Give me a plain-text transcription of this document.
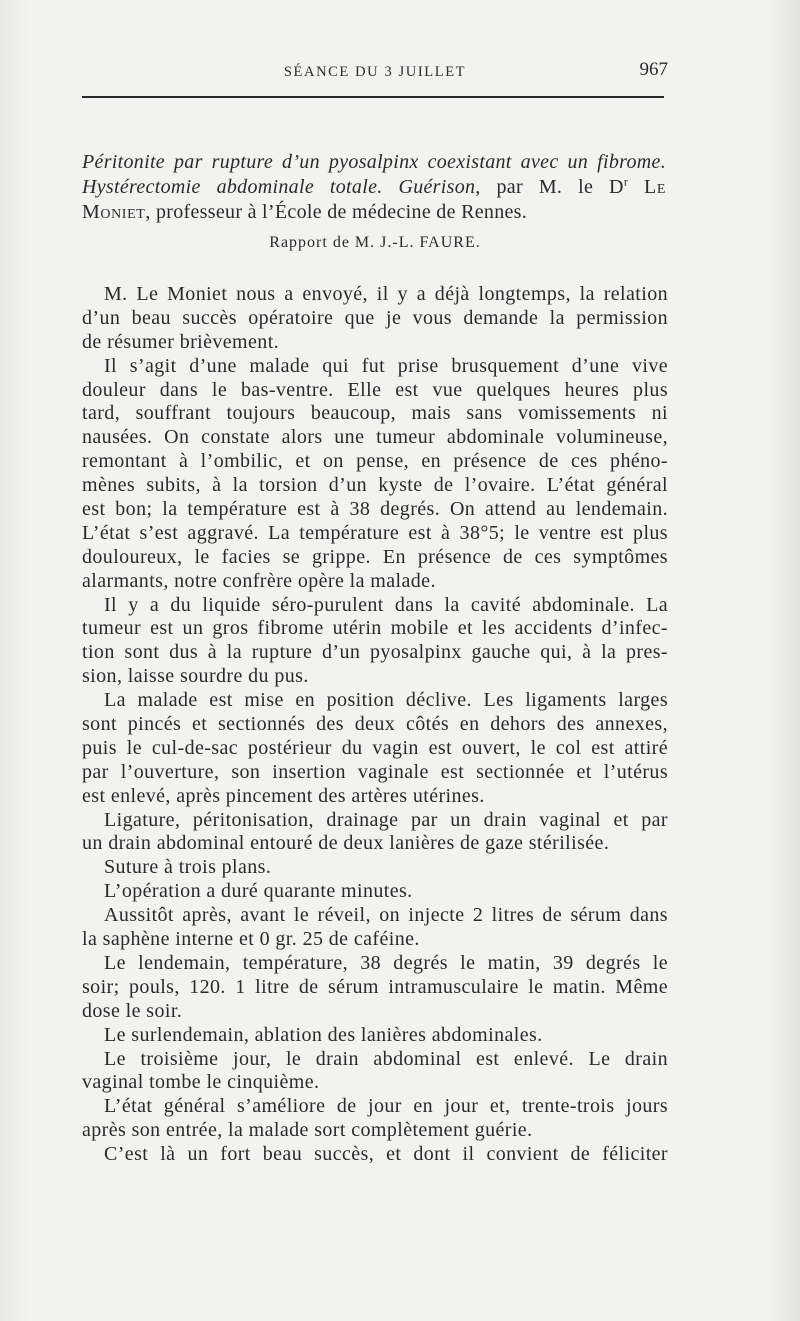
SÉANCE DU 3 JUILLET	967
Péritonite par rupture d’un pyosalpinx coexistant avec un fibrome.
Hystérectomie abdominale totale. Guérison, par M. le $D^r$ Le
Moniet, professeur à l’École de médecine de Rennes.
Rapport de M. J.-L. FAURE.
M. Le Moniet nous a envoyé, il y a déjà longtemps, la relation
d’un beau succès opératoire que je vous demande la permission
de résumer brièvement.
Il s’agit d’une malade qui fut prise brusquement d’une vive
douleur dans le bas-ventre. Elle est vue quelques heures plus
tard, souffrant toujours beaucoup, mais sans vomissements ni
nausées. On constate alors une tumeur abdominale volumineuse,
remontant à l’ombilic, et on pense, en présence de ces phéno-
mènes subits, à la torsion d’un kyste de l’ovaire. L’état général
est bon; la température est à 38 degrés. On attend au lendemain.
L’état s’est aggravé. La température est à 38°5; le ventre est plus
douloureux, le facies se grippe. En présence de ces symptômes
alarmants, notre confrère opère la malade.
Il y a du liquide séro-purulent dans la cavité abdominale. La
tumeur est un gros fibrome utérin mobile et les accidents d’infec-
tion sont dus à la rupture d’un pyosalpinx gauche qui, à la pres-
sion, laisse sourdre du pus.
La malade est mise en position déclive. Les ligaments larges
sont pincés et sectionnés des deux côtés en dehors des annexes,
puis le cul-de-sac postérieur du vagin est ouvert, le col est attiré
par l’ouverture, son insertion vaginale est sectionnée et l’utérus
est enlevé, après pincement des artères utérines.
Ligature, péritonisation, drainage par un drain vaginal et par
un drain abdominal entouré de deux lanières de gaze stérilisée.
Suture à trois plans.
L’opération a duré quarante minutes.
Aussitôt après, avant le réveil, on injecte 2 litres de sérum dans
la saphène interne et 0 gr. 25 de caféine.
Le lendemain, température, 38 degrés le matin, 39 degrés le
soir; pouls, 120. 1 litre de sérum intramusculaire le matin. Même
dose le soir.
Le surlendemain, ablation des lanières abdominales.
Le troisième jour, le drain abdominal est enlevé. Le drain
vaginal tombe le cinquième.
L’état général s’améliore de jour en jour et, trente-trois jours
après son entrée, la malade sort complètement guérie.
C’est là un fort beau succès, et dont il convient de féliciter
